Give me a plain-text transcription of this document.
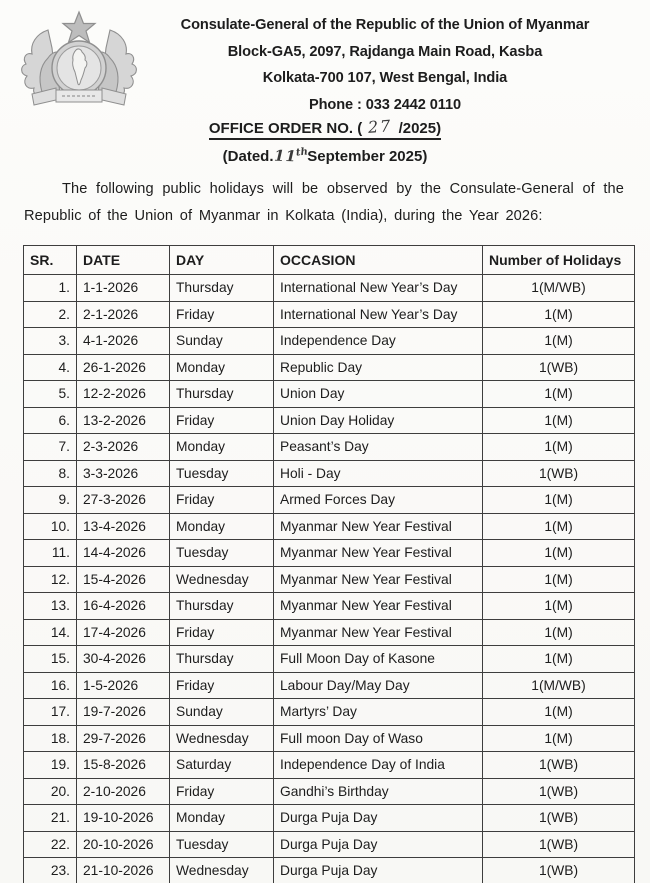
Consulate-General of the Republic of the Union of Myanmar
Block-GA5, 2097, Rajdanga Main Road, Kasba
Kolkata-700 107, West Bengal, India
Phone : 033 2442 0110
OFFICE ORDER NO. ( 27 /2025)
(Dated.11thSeptember 2025)

The following public holidays will be observed by the Consulate-General of the Republic of the Union of Myanmar in Kolkata (India), during the Year 2026:

SR.	DATE	DAY	OCCASION	Number of Holidays
1.	1-1-2026	Thursday	International New Year’s Day	1(M/WB)
2.	2-1-2026	Friday	International New Year’s Day	1(M)
3.	4-1-2026	Sunday	Independence Day	1(M)
4.	26-1-2026	Monday	Republic Day	1(WB)
5.	12-2-2026	Thursday	Union Day	1(M)
6.	13-2-2026	Friday	Union Day Holiday	1(M)
7.	2-3-2026	Monday	Peasant’s Day	1(M)
8.	3-3-2026	Tuesday	Holi - Day	1(WB)
9.	27-3-2026	Friday	Armed Forces Day	1(M)
10.	13-4-2026	Monday	Myanmar New Year Festival	1(M)
11.	14-4-2026	Tuesday	Myanmar New Year Festival	1(M)
12.	15-4-2026	Wednesday	Myanmar New Year Festival	1(M)
13.	16-4-2026	Thursday	Myanmar New Year Festival	1(M)
14.	17-4-2026	Friday	Myanmar New Year Festival	1(M)
15.	30-4-2026	Thursday	Full Moon Day of Kasone	1(M)
16.	1-5-2026	Friday	Labour Day/May Day	1(M/WB)
17.	19-7-2026	Sunday	Martyrs’ Day	1(M)
18.	29-7-2026	Wednesday	Full moon Day of Waso	1(M)
19.	15-8-2026	Saturday	Independence Day of India	1(WB)
20.	2-10-2026	Friday	Gandhi’s Birthday	1(WB)
21.	19-10-2026	Monday	Durga Puja Day	1(WB)
22.	20-10-2026	Tuesday	Durga Puja Day	1(WB)
23.	21-10-2026	Wednesday	Durga Puja Day	1(WB)
